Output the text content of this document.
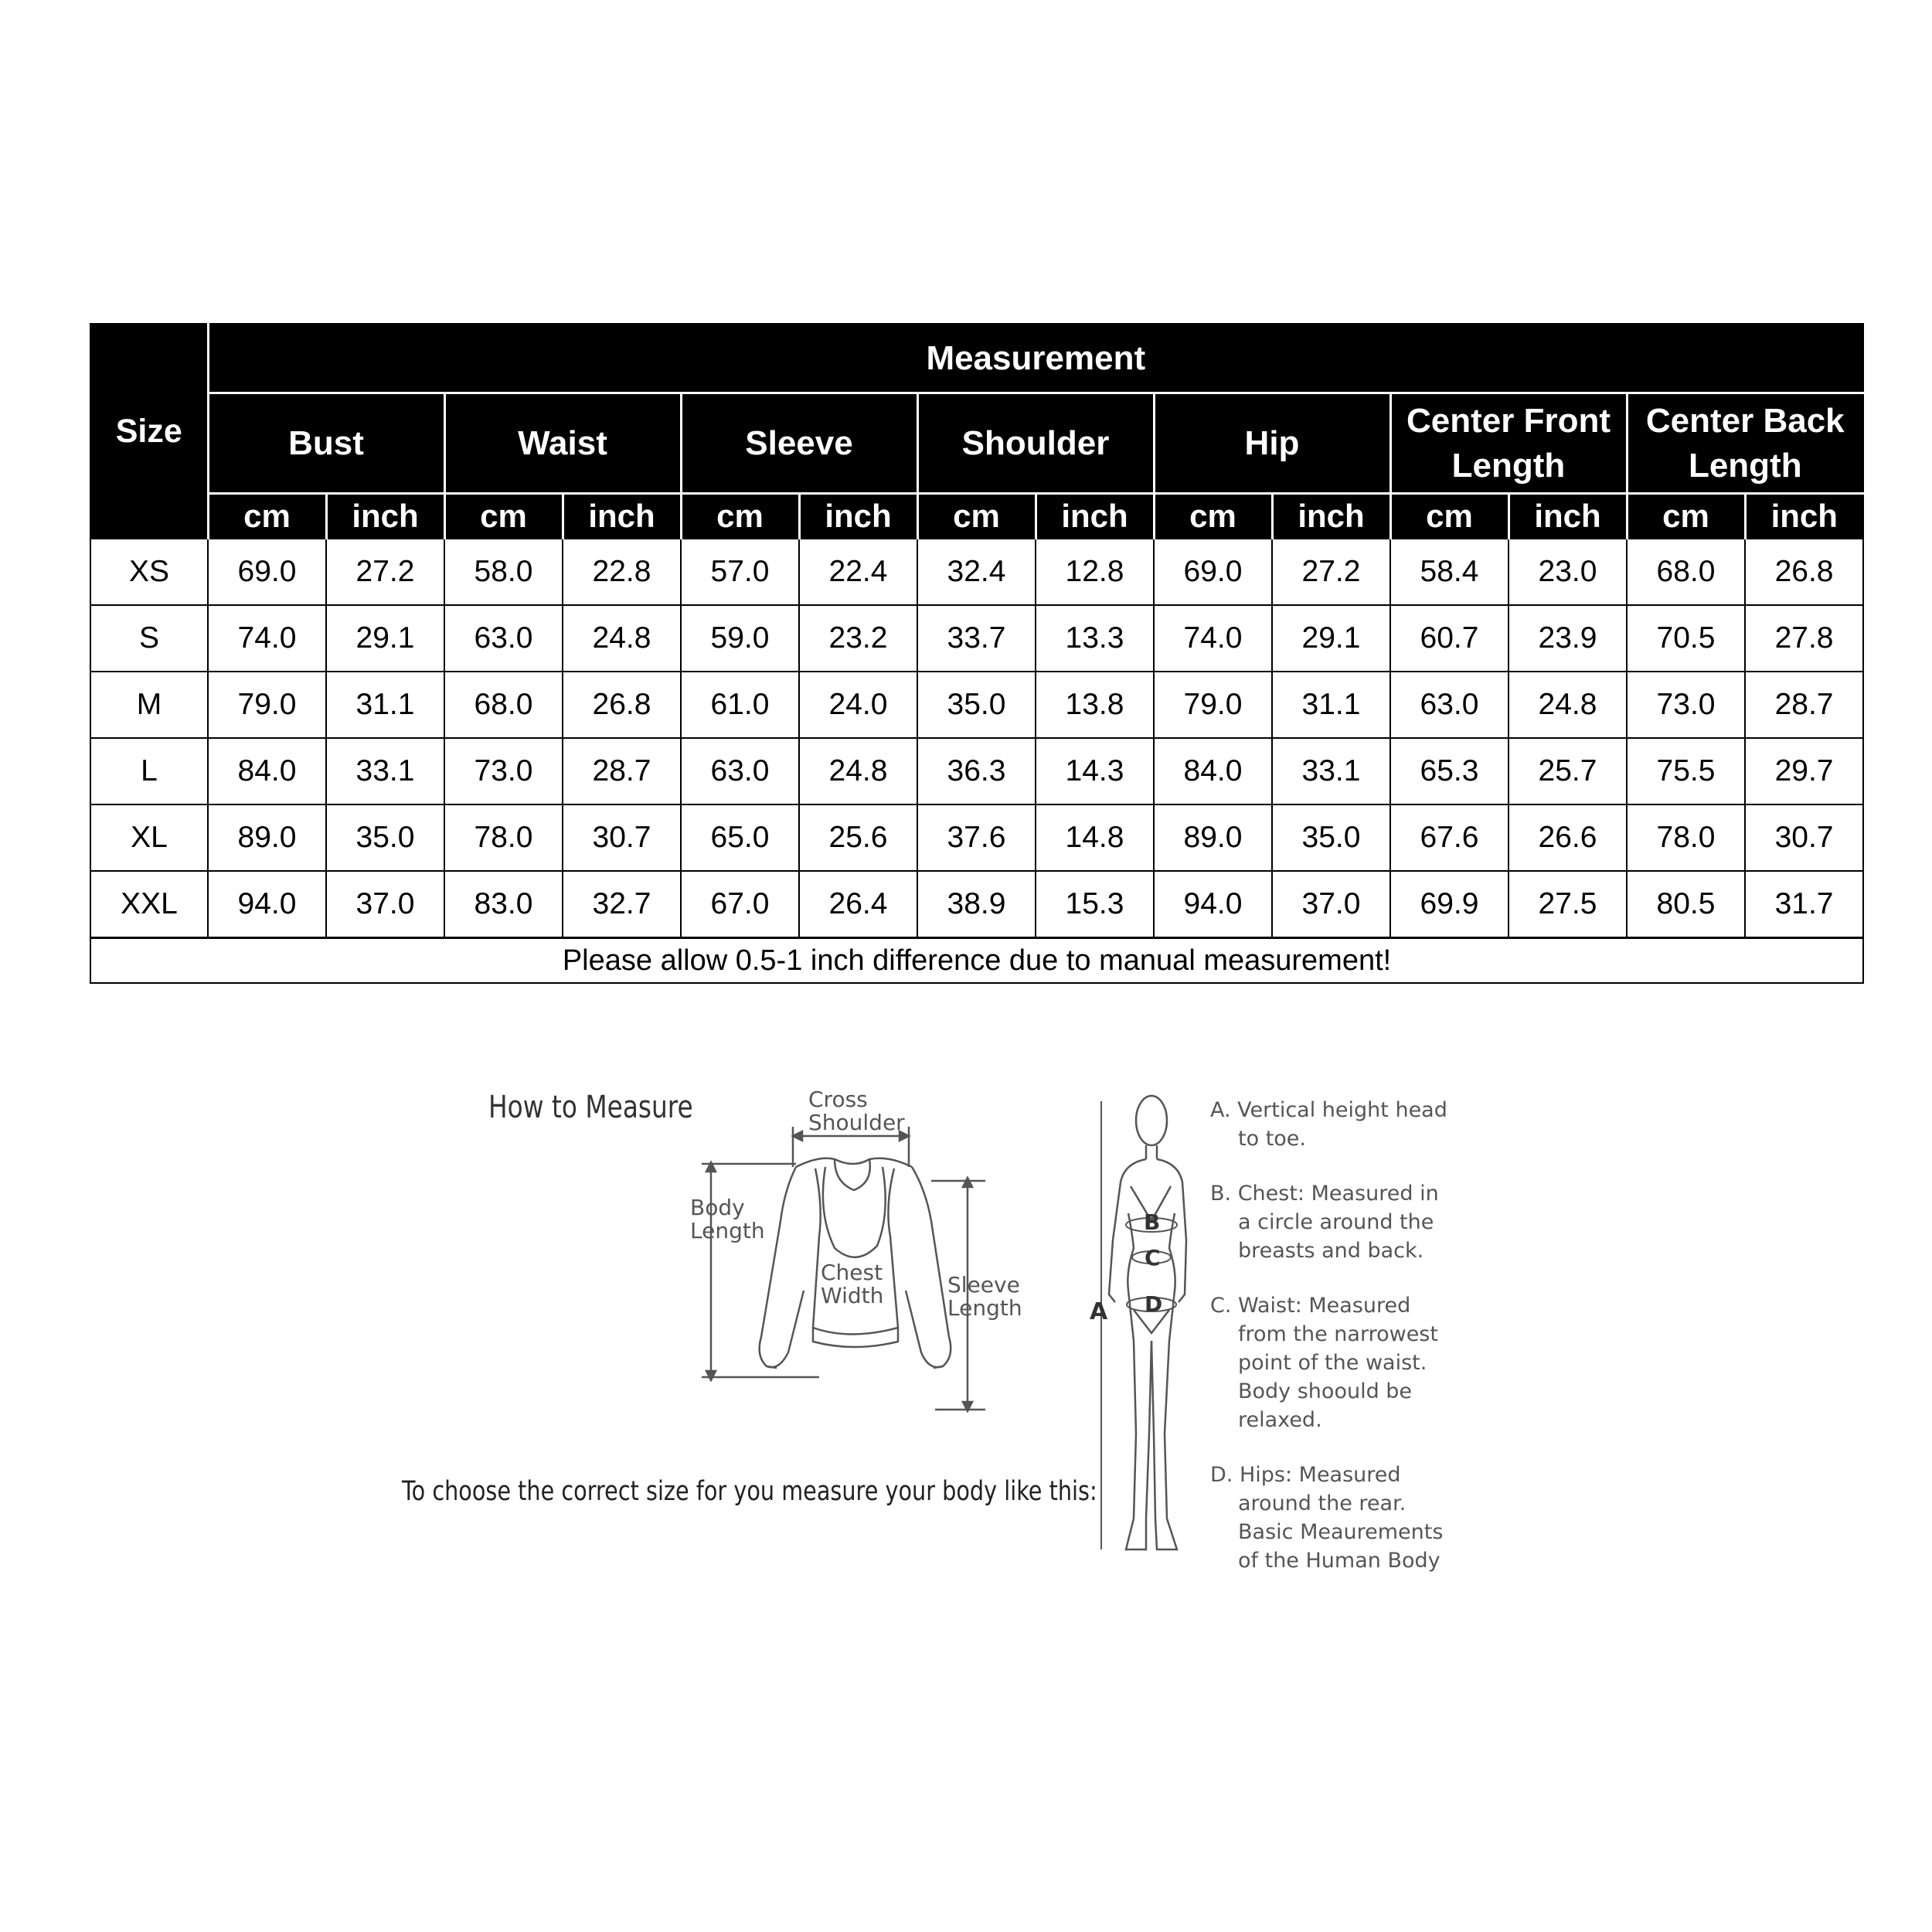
Size	Measurement													
	Bust		Waist		Sleeve		Shoulder		Hip		Center Front Length		Center Back Length	
	cm	inch	cm	inch	cm	inch	cm	inch	cm	inch	cm	inch	cm	inch
XS	69.0	27.2	58.0	22.8	57.0	22.4	32.4	12.8	69.0	27.2	58.4	23.0	68.0	26.8
S	74.0	29.1	63.0	24.8	59.0	23.2	33.7	13.3	74.0	29.1	60.7	23.9	70.5	27.8
M	79.0	31.1	68.0	26.8	61.0	24.0	35.0	13.8	79.0	31.1	63.0	24.8	73.0	28.7
L	84.0	33.1	73.0	28.7	63.0	24.8	36.3	14.3	84.0	33.1	65.3	25.7	75.5	29.7
XL	89.0	35.0	78.0	30.7	65.0	25.6	37.6	14.8	89.0	35.0	67.6	26.6	78.0	30.7
XXL	94.0	37.0	83.0	32.7	67.0	26.4	38.9	15.3	94.0	37.0	69.9	27.5	80.5	31.7
Please allow 0.5-1 inch difference due to manual measurement!														
How to Measure
To choose the correct size for you measure your body like this:
Cross
Shoulder
Body
Length
Chest
Width	Sleeve
Length	A
B
C
D
A. Vertical height head to toe.
B. Chest: Measured in a circle around the breasts and back.
C. Waist: Measured from the narrowest point of the waist. Body shoould be relaxed.
D. Hips: Measured around the rear. Basic Meaurements of the Human Body
